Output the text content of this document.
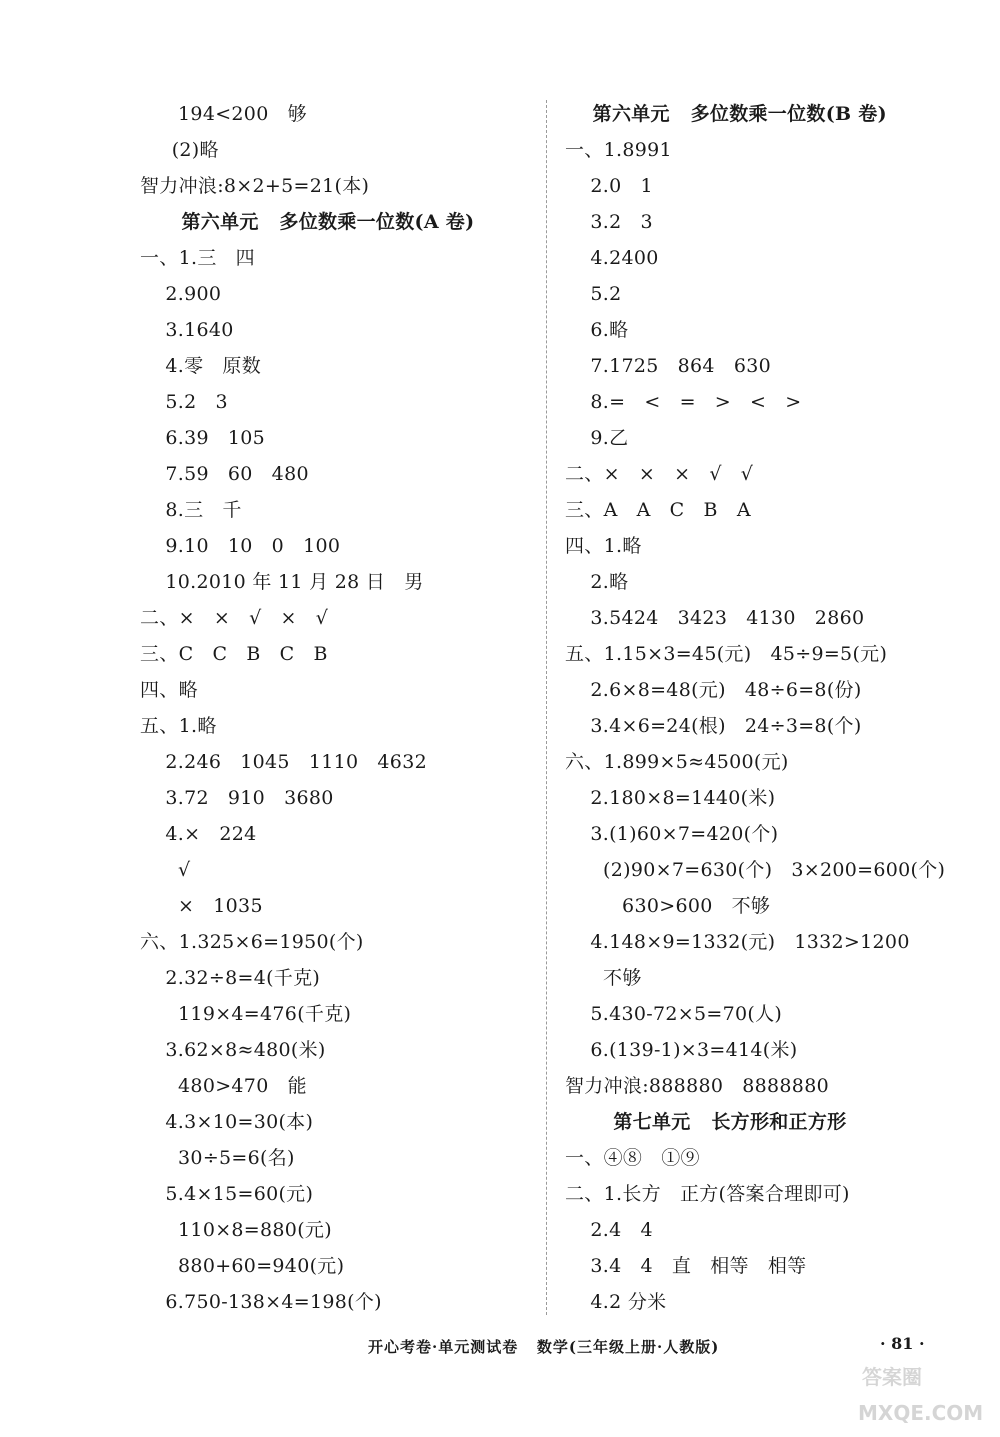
194<200   够
(2)略
智力冲浪:8×2+5=21(本)
第六单元   多位数乘一位数(A 卷)
一、1.三   四
2.900
3.1640
4.零   原数
5.2   3
6.39   105
7.59   60   480
8.三   千
9.10   10   0   100
10.2010 年 11 月 28 日   男
二、×   ×   √   ×   √
三、C   C   B   C   B
四、略
五、1.略
2.246   1045   1110   4632
3.72   910   3680
4.×   224
√
×   1035
六、1.325×6=1950(个)
2.32÷8=4(千克)
119×4=476(千克)
3.62×8≈480(米)
480>470   能
4.3×10=30(本)
30÷5=6(名)
5.4×15=60(元)
110×8=880(元)
880+60=940(元)
6.750-138×4=198(个)
第六单元   多位数乘一位数(B 卷)
一、1.8991
2.0   1
3.2   3
4.2400
5.2
6.略
7.1725   864   630
8.=   <   =   >   <   >
9.乙
二、×   ×   ×   √   √
三、A   A   C   B   A
四、1.略
2.略
3.5424   3423   4130   2860
五、1.15×3=45(元)   45÷9=5(元)
2.6×8=48(元)   48÷6=8(份)
3.4×6=24(根)   24÷3=8(个)
六、1.899×5≈4500(元)
2.180×8=1440(米)
3.(1)60×7=420(个)
(2)90×7=630(个)   3×200=600(个)
630>600   不够
4.148×9=1332(元)   1332>1200
不够
5.430-72×5=70(人)
6.(139-1)×3=414(米)
智力冲浪:888880   8888880
第七单元   长方形和正方形
一、④⑧   ①⑨
二、1.长方   正方(答案合理即可)
2.4   4
3.4   4   直   相等   相等
4.2 分米
开心考卷·单元测试卷   数学(三年级上册·人教版)	· 81 ·
答案圈
MXQE.COM
